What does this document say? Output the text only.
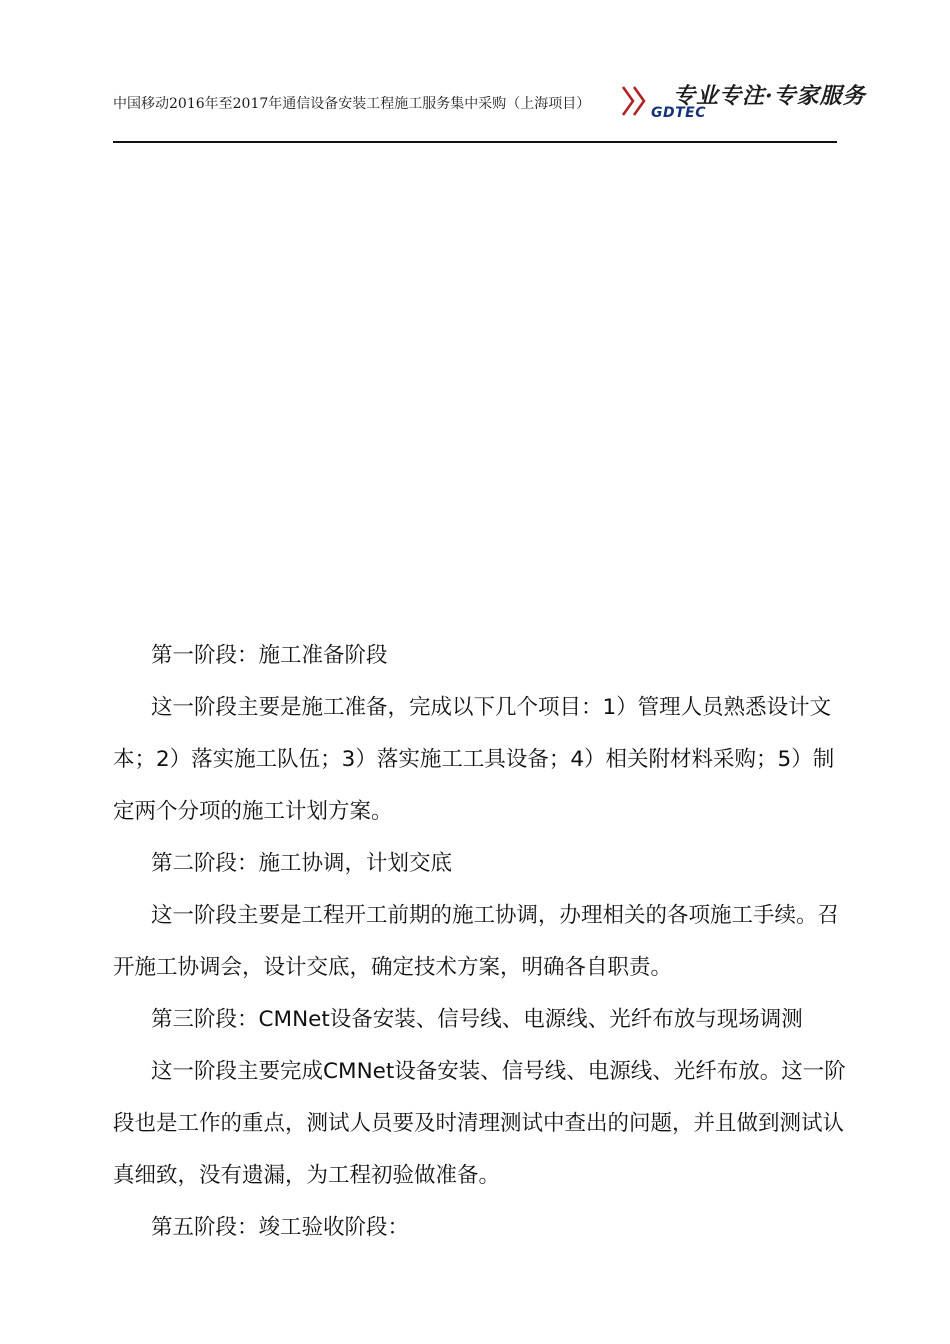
中国移动2016年至2017年通信设备安装工程施工服务集中采购（上海项目）	专业专注·专家服务
GDTEC

第一阶段：施工准备阶段

这一阶段主要是施工准备，完成以下几个项目：1）管理人员熟悉设计文本；2）落实施工队伍；3）落实施工工具设备；4）相关附材料采购；5）制定两个分项的施工计划方案。

第二阶段：施工协调，计划交底

这一阶段主要是工程开工前期的施工协调，办理相关的各项施工手续。召开施工协调会，设计交底，确定技术方案，明确各自职责。

第三阶段：CMNet设备安装、信号线、电源线、光纤布放与现场调测

这一阶段主要完成CMNet设备安装、信号线、电源线、光纤布放。这一阶段也是工作的重点，测试人员要及时清理测试中查出的问题，并且做到测试认真细致，没有遗漏，为工程初验做准备。

第五阶段：竣工验收阶段：
